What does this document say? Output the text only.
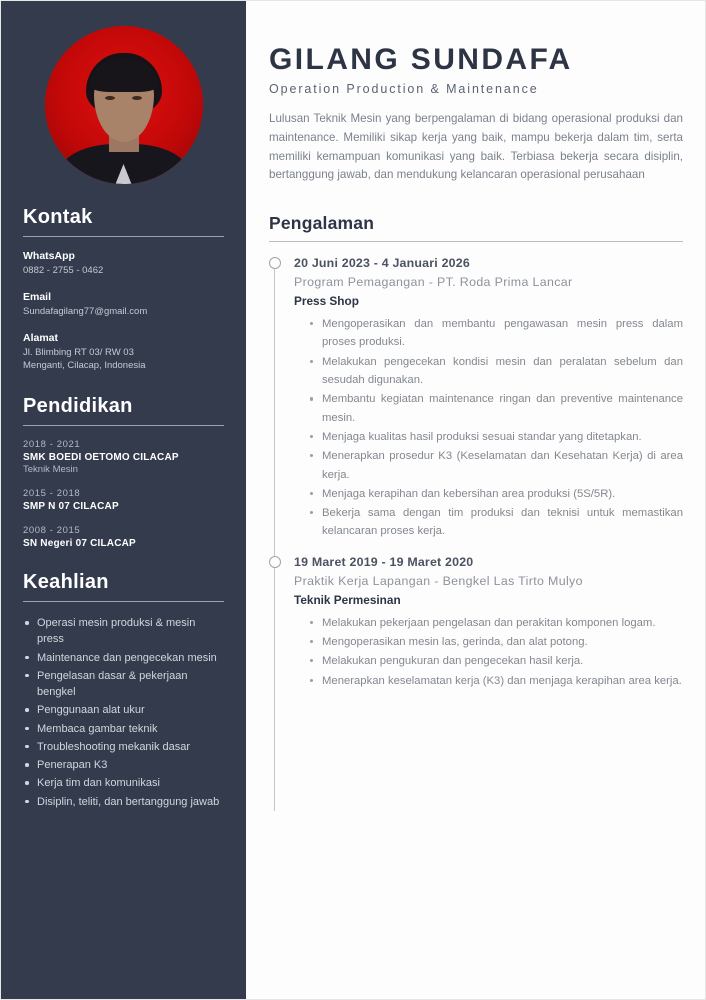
Kontak
WhatsApp
0882 - 2755 - 0462
Email
Sundafagilang77@gmail.com
Alamat
Jl. Blimbing RT 03/ RW 03
Menganti, Cilacap, Indonesia
Pendidikan
2018 - 2021
SMK BOEDI OETOMO CILACAP
Teknik Mesin
2015 - 2018
SMP N 07 CILACAP
2008 - 2015
SN Negeri 07 CILACAP
Keahlian
Operasi mesin produksi & mesin press
Maintenance dan pengecekan mesin
Pengelasan dasar & pekerjaan bengkel
Penggunaan alat ukur
Membaca gambar teknik
Troubleshooting mekanik dasar
Penerapan K3
Kerja tim dan komunikasi
Disiplin, teliti, dan bertanggung jawab
GILANG SUNDAFA
Operation Production & Maintenance

Lulusan Teknik Mesin yang berpengalaman di bidang operasional produksi dan maintenance. Memiliki sikap kerja yang baik, mampu bekerja dalam tim, serta memiliki kemampuan komunikasi yang baik. Terbiasa bekerja secara disiplin, bertanggung jawab, dan mendukung kelancaran operasional perusahaan

Pengalaman
20 Juni 2023 - 4 Januari 2026
Program Pemagangan - PT. Roda Prima Lancar
Press Shop
Mengoperasikan dan membantu pengawasan mesin press dalam proses produksi.
Melakukan pengecekan kondisi mesin dan peralatan sebelum dan sesudah digunakan.
Membantu kegiatan maintenance ringan dan preventive maintenance mesin.
Menjaga kualitas hasil produksi sesuai standar yang ditetapkan.
Menerapkan prosedur K3 (Keselamatan dan Kesehatan Kerja) di area kerja.
Menjaga kerapihan dan kebersihan area produksi (5S/5R).
Bekerja sama dengan tim produksi dan teknisi untuk memastikan kelancaran proses kerja.
19 Maret 2019 - 19 Maret 2020
Praktik Kerja Lapangan - Bengkel Las Tirto Mulyo
Teknik Permesinan
Melakukan pekerjaan pengelasan dan perakitan komponen logam.
Mengoperasikan mesin las, gerinda, dan alat potong.
Melakukan pengukuran dan pengecekan hasil kerja.
Menerapkan keselamatan kerja (K3) dan menjaga kerapihan area kerja.
